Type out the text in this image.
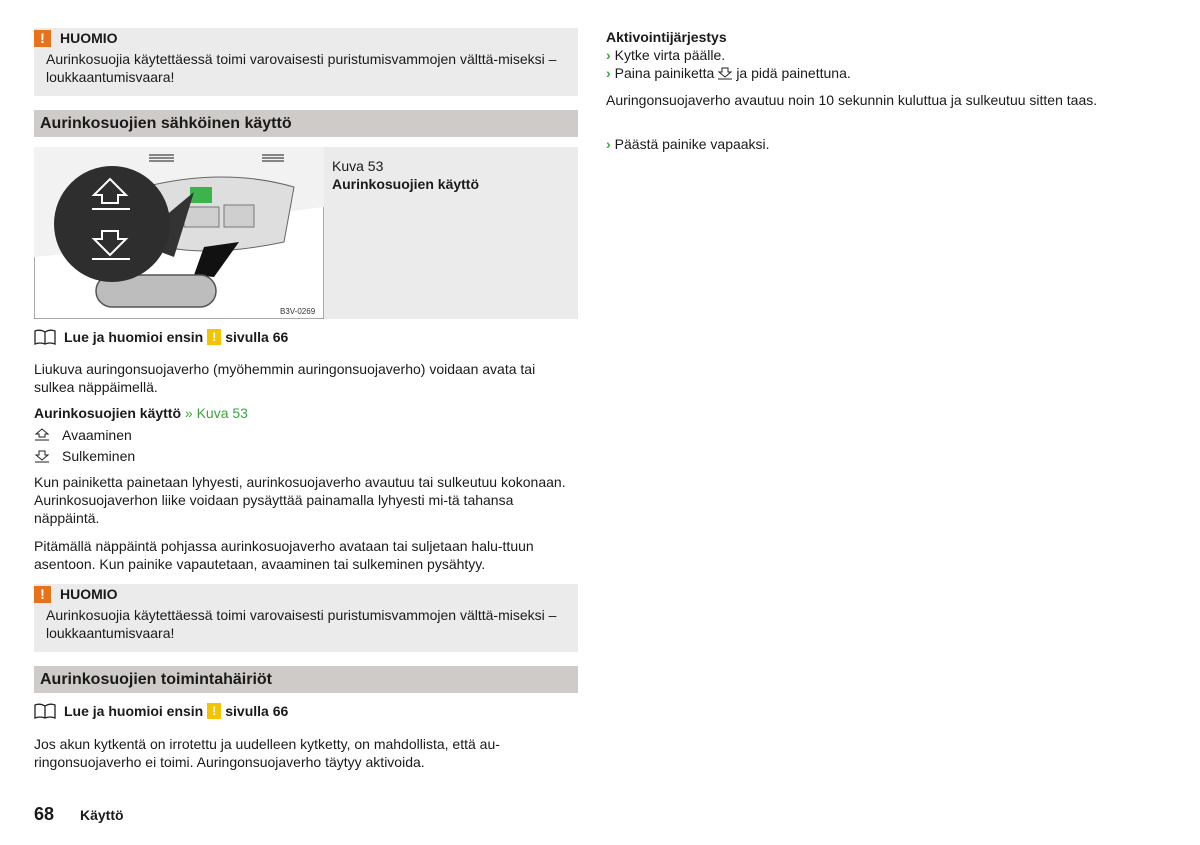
!	HUOMIO
Aurinkosuojia käytettäessä toimi varovaisesti puristumisvammojen välttä-miseksi – loukkaantumisvaara!
Aurinkosuojien sähköinen käyttö
B3V-0269
Kuva 53
Aurinkosuojien käyttö
Lue ja huomioi ensin ! sivulla 66
Liukuva auringonsuojaverho (myöhemmin auringonsuojaverho) voidaan avata tai sulkea näppäimellä.
Aurinkosuojien käyttö » Kuva 53
Avaaminen
Sulkeminen
Kun painiketta painetaan lyhyesti, aurinkosuojaverho avautuu tai sulkeutuu kokonaan. Aurinkosuojaverhon liike voidaan pysäyttää painamalla lyhyesti mi-tä tahansa näppäintä.
Pitämällä näppäintä pohjassa aurinkosuojaverho avataan tai suljetaan halu-ttuun asentoon. Kun painike vapautetaan, avaaminen tai sulkeminen pysähtyy.
!	HUOMIO
Aurinkosuojia käytettäessä toimi varovaisesti puristumisvammojen välttä-miseksi – loukkaantumisvaara!
Aurinkosuojien toimintahäiriöt
Lue ja huomioi ensin ! sivulla 66
Jos akun kytkentä on irrotettu ja uudelleen kytketty, on mahdollista, että au-ringonsuojaverho ei toimi. Auringonsuojaverho täytyy aktivoida.
Aktivointijärjestys
› Kytke virta päälle.
› Paina painiketta ja pidä painettuna.
Auringonsuojaverho avautuu noin 10 sekunnin kuluttua ja sulkeutuu sitten taas.
› Päästä painike vapaaksi.
68 Käyttö
